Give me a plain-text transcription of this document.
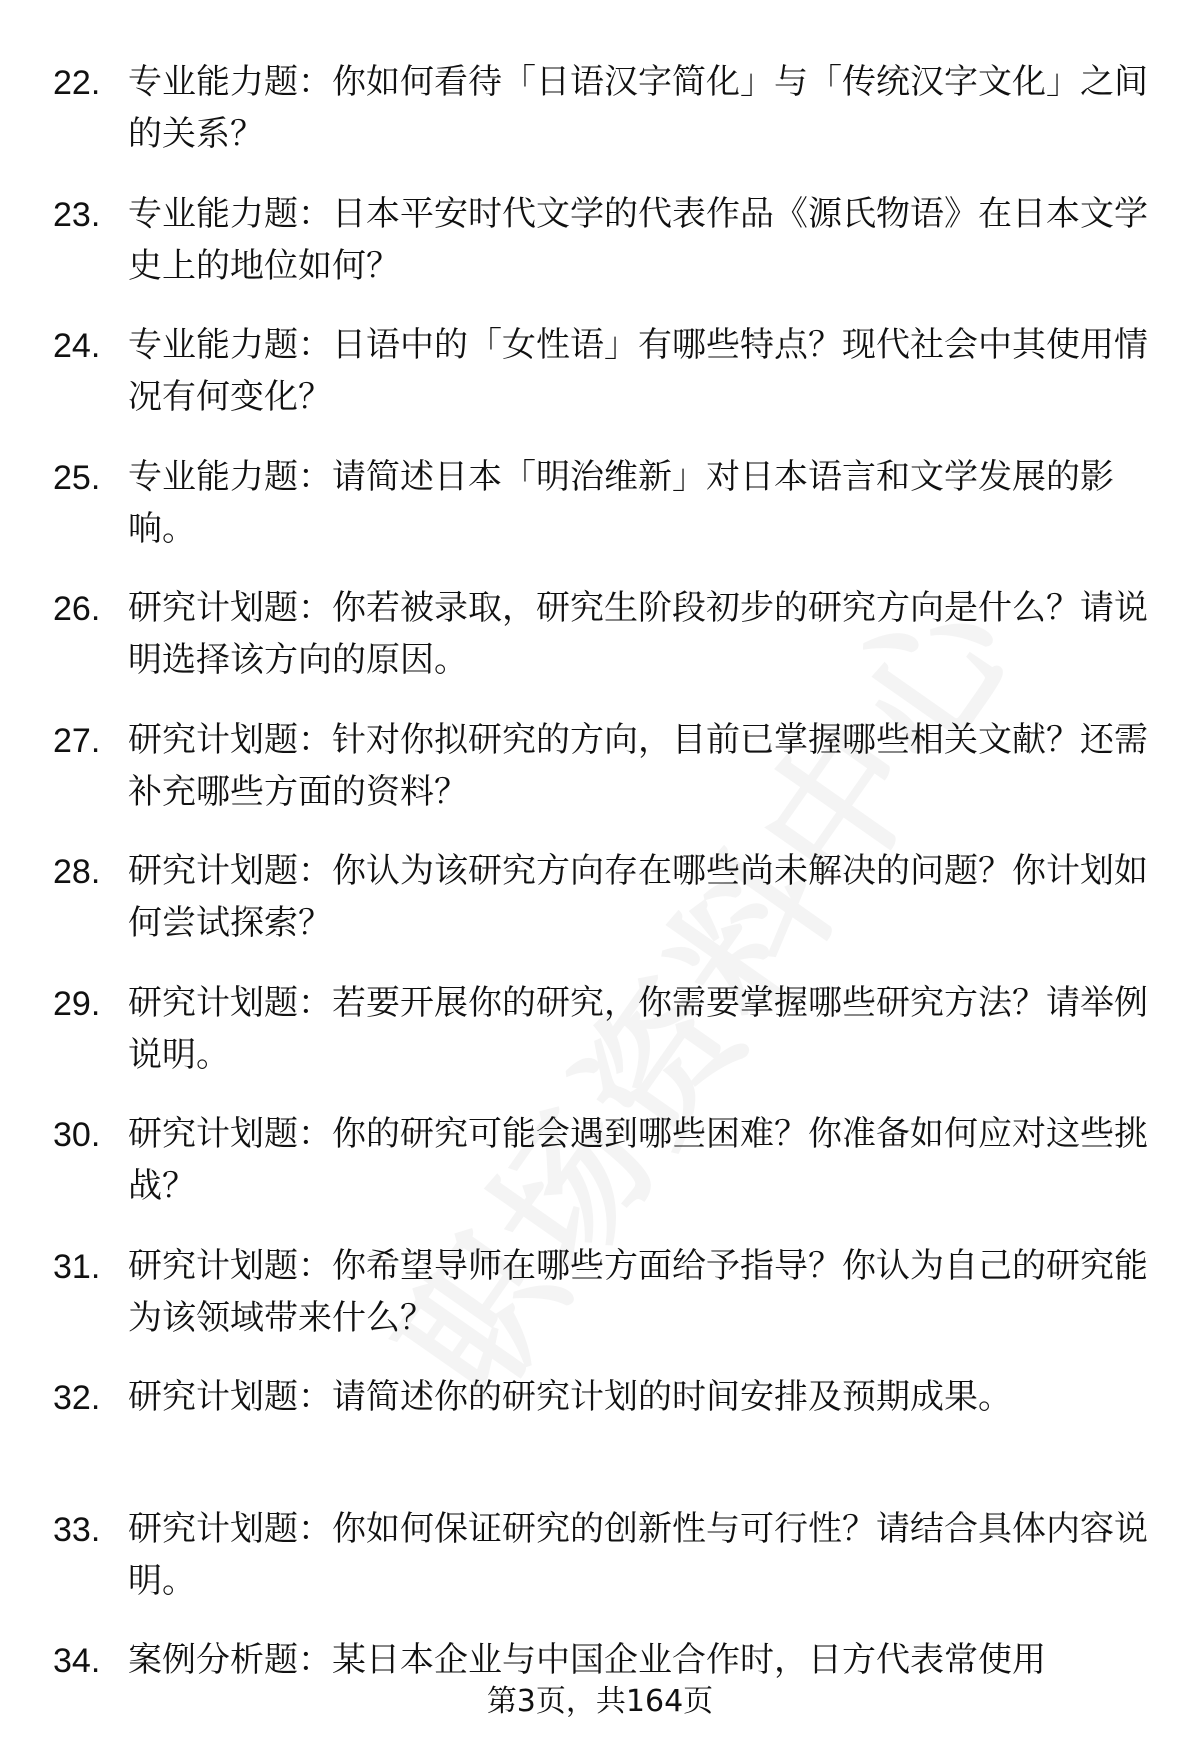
22. 专业能力题：你如何看待「日语汉字简化」与「传统汉字文化」之间的关系？
23. 专业能力题：日本平安时代文学的代表作品《源氏物语》在日本文学史上的地位如何？
24. 专业能力题：日语中的「女性语」有哪些特点？现代社会中其使用情况有何变化？
25. 专业能力题：请简述日本「明治维新」对日本语言和文学发展的影响。
26. 研究计划题：你若被录取，研究生阶段初步的研究方向是什么？请说明选择该方向的原因。
27. 研究计划题：针对你拟研究的方向，目前已掌握哪些相关文献？还需补充哪些方面的资料？
28. 研究计划题：你认为该研究方向存在哪些尚未解决的问题？你计划如何尝试探索？
29. 研究计划题：若要开展你的研究，你需要掌握哪些研究方法？请举例说明。
30. 研究计划题：你的研究可能会遇到哪些困难？你准备如何应对这些挑战？
31. 研究计划题：你希望导师在哪些方面给予指导？你认为自己的研究能为该领域带来什么？
32. 研究计划题：请简述你的研究计划的时间安排及预期成果。
33. 研究计划题：你如何保证研究的创新性与可行性？请结合具体内容说明。
34. 案例分析题：某日本企业与中国企业合作时，日方代表常使用
第3页，共164页
